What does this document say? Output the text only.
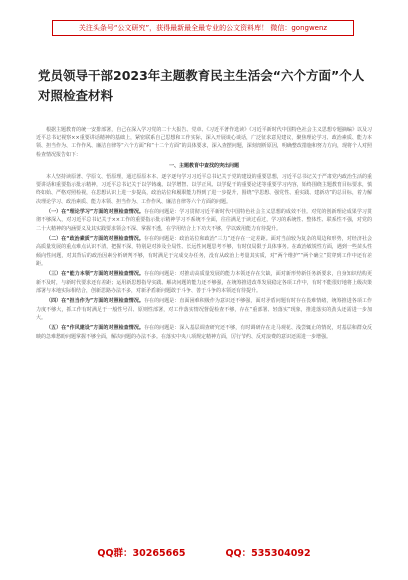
关注头条号“公文研究”，获得最新最全最专业的公文资料库！ 微信：gongwenz
党员领导干部2023年主题教育民主生活会“六个方面”个人对照检查材料

根据主题教育的统一安排部署，自己在深入学习党的二十大报告、党章、《习近平著作选读》《习近平新时代中国特色社会主义思想专题摘编》以及习近平总书记视察××重要讲话精神的基础上，紧密联系自己思想和工作实际，深入开展谈心谈话，广泛征求意见建议，聚焦理论学习、政治素质、能力本领、担当作为、工作作风、廉洁自律等“六个方面”和“十二个方面”的具体要求，深入查摆问题，深刻剖析原因，明确整改措施和努力方向，现将个人对照检查情况报告如下：

一、主题教育中查找的突出问题

本人坚持读原著、学原文、悟原理，通过原原本本、逐字逐句学习习近平总书记关于党的建设的重要思想，习近平总书记关于严肃党内政治生活的重要讲话和重要指示批示精神，习近平总书记关于以学铸魂、以学增智、以学正风、以学促干的重要论述等重要学习内容，始终围绕主题教育目标要求，慎终如始、严格对照检视，在思想认识上进一步提高，政治站位和履职能力得到了进一步提升，围绕“学思想、强党性、重实践、建新功”的总目标，着力解决理论学习、政治素质、能力本领、担当作为、工作作风、廉洁自律等六个方面的问题。

（一）在“理论学习”方面的对照检查情况。存在的问题是：学习贯彻习近平新时代中国特色社会主义思想的成效不佳。对党的创新理论成果学习贯彻不够深入，对习近平总书记关于××工作的重要指示批示精神学习不系统不全面，往往满足于读过看过，学习的系统性、整体性、联系性不强，对党的二十大精神的内涵要义及其实践要求领会不深、掌握不透，在学用结合上下功夫不够，学以致用能力有待提升。

（二）在“政治素质”方面的对照检查情况。存在的问题是：政治站位和政治“三力”还存在一定差距。面对当前较为复杂的周边和形势，对经济社会高质量发展的重点难点认识不清，把握不深，特别是对涉及全局性、长远性问题思考不够，有时仅局限于具体事务。在政治敏锐性方面，遇到一些苗头性倾向性问题，对其背后的政治因素分析研判不够，有时满足于完成交办任务，没有从政治上考量其实质，对“两个维护”“两个确立”贯穿到工作中还有差距。

（三）在“能力本领”方面的对照检查情况。存在的问题是：对推动高质量发展的能力本领还存在欠缺，面对新形势新任务新要求，自身知识结构更新不及时，与新时代要求还有差距；运用新思想指导实践、解决问题的能力还不够强，在统筹推进改革发展稳定各项工作中，有时不能很好地将上级决策部署与本地实际相结合，创新思路办法不多，对新矛盾新问题敢于斗争、善于斗争的本领还有待提升。

（四）在“担当作为”方面的对照检查情况。存在的问题是：直面困难积极作为意识还不够强，面对矛盾问题有时存在畏难情绪，统筹推进各项工作力度不够大，抓工作有时满足于一般性号召、原则性部署，对工作落实情况督促检查不够，存在“重部署、轻落实”现象，推进落实的劲头还需进一步加大。

（五）在“作风建设”方面的对照检查情况。存在的问题是：深入基层调查研究还不够，有时调研存在走马观花、浅尝辄止的情况，对基层和群众反映的急难愁盼问题掌握不够全面，解决问题的办法不多。在落实中央八项规定精神方面，厉行节约、反对浪费的意识还需进一步增强。

QQ群：30265665	QQ：535304092
